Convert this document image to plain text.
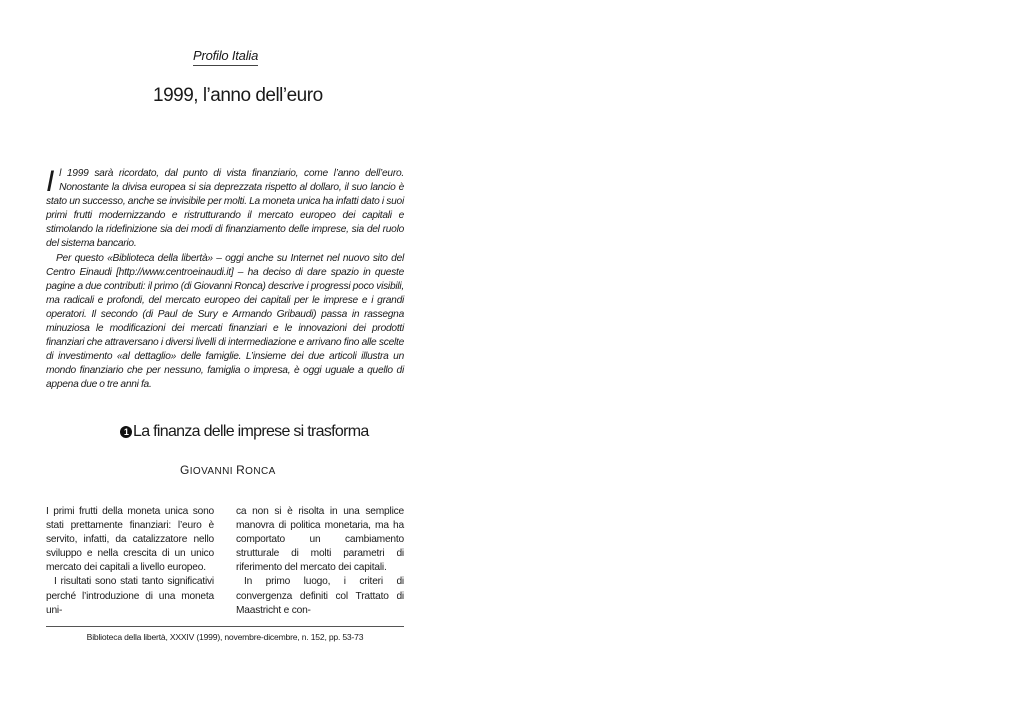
Profilo Italia
1999, l’anno dell’euro

Il 1999 sarà ricordato, dal punto di vista finanziario, come l’anno dell’euro. Nonostante la divisa europea si sia deprezzata rispetto al dollaro, il suo lancio è stato un successo, anche se invisibile per molti. La moneta unica ha infatti dato i suoi primi frutti modernizzando e ristrutturando il mercato europeo dei capitali e stimolando la ridefinizione sia dei modi di finanziamento delle imprese, sia del ruolo del sistema bancario.

Per questo «Biblioteca della libertà» – oggi anche su Internet nel nuovo sito del Centro Einaudi [http://www.centroeinaudi.it] – ha deciso di dare spazio in queste pagine a due contributi: il primo (di Giovanni Ronca) descrive i progressi poco visibili, ma radicali e profondi, del mercato europeo dei capitali per le imprese e i grandi operatori. Il secondo (di Paul de Sury e Armando Gribaudi) passa in rassegna minuziosa le modificazioni dei mercati finanziari e le innovazioni dei prodotti finanziari che attraversano i diversi livelli di intermediazione e arrivano fino alle scelte di investimento «al dettaglio» delle famiglie. L’insieme dei due articoli illustra un mondo finanziario che per nessuno, famiglia o impresa, è oggi uguale a quello di appena due o tre anni fa.

1 La finanza delle imprese si trasforma
GIOVANNI RONCA

I primi frutti della moneta unica sono stati prettamente finanziari: l’euro è servito, infatti, da catalizzatore nello sviluppo e nella crescita di un unico mercato dei capitali a livello europeo.

I risultati sono stati tanto significativi perché l’introduzione di una moneta uni-

ca non si è risolta in una semplice manovra di politica monetaria, ma ha comportato un cambiamento strutturale di molti parametri di riferimento del mercato dei capitali.

In primo luogo, i criteri di convergenza definiti col Trattato di Maastricht e con-

Biblioteca della libertà, XXXIV (1999), novembre-dicembre, n. 152, pp. 53-73
